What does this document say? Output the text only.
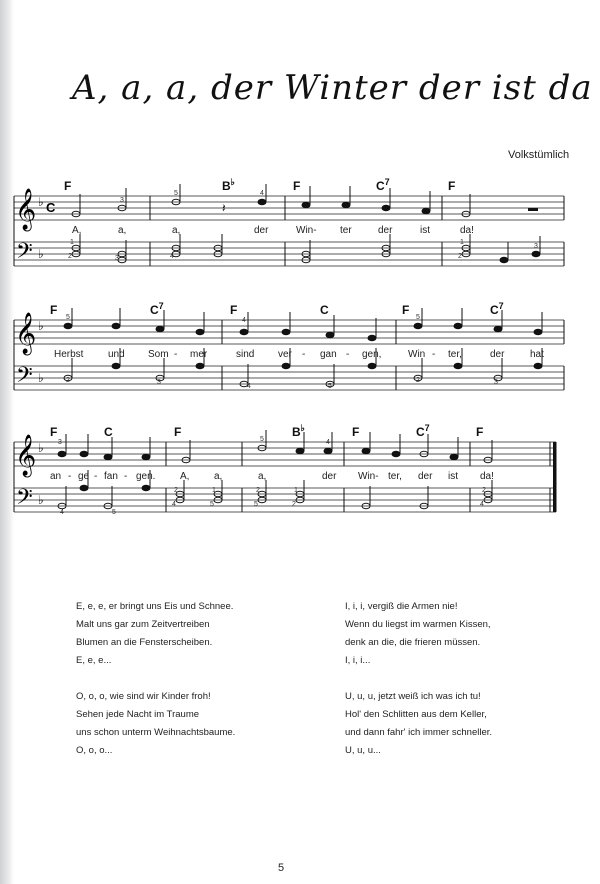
A, a, a, der Winter der ist da
Volkstümlich
F	B♭	F	$C^7$	F
𝄞
𝄢
♭
♭
C	𝄽
3
5	4
1
2	3	4
1
2
3
A,	a,	a,	der	Win- ter	der	ist	da!
F	$C^7$	F	C	F	$C^7$
𝄞
𝄢
♭
♭
5	4	5
2	3
4	5
2	3
Herbst und Som - mer	sind ver - gan - gen,	Win - ter,	der	hat
F	C	F	B♭	F	$C^7$	F
𝄞
𝄢
♭
♭
3	5	4
4	5
2
4
1
5
2
5
1
2
2
4
an - ge - fan - gen. A, a,	a,	der Win- ter, der ist da!
E, e, e, er bringt uns Eis und Schnee.
Malt uns gar zum Zeitvertreiben
Blumen an die Fensterscheiben.
E, e, e...
O, o, o, wie sind wir Kinder froh!
Sehen jede Nacht im Traume
uns schon unterm Weihnachtsbaume.
O, o, o...
I, i, i, vergiß die Armen nie!
Wenn du liegst im warmen Kissen,
denk an die, die frieren müssen.
I, i, i...
U, u, u, jetzt weiß ich was ich tu!
Hol' den Schlitten aus dem Keller,
und dann fahr' ich immer schneller.
U, u, u...
5
